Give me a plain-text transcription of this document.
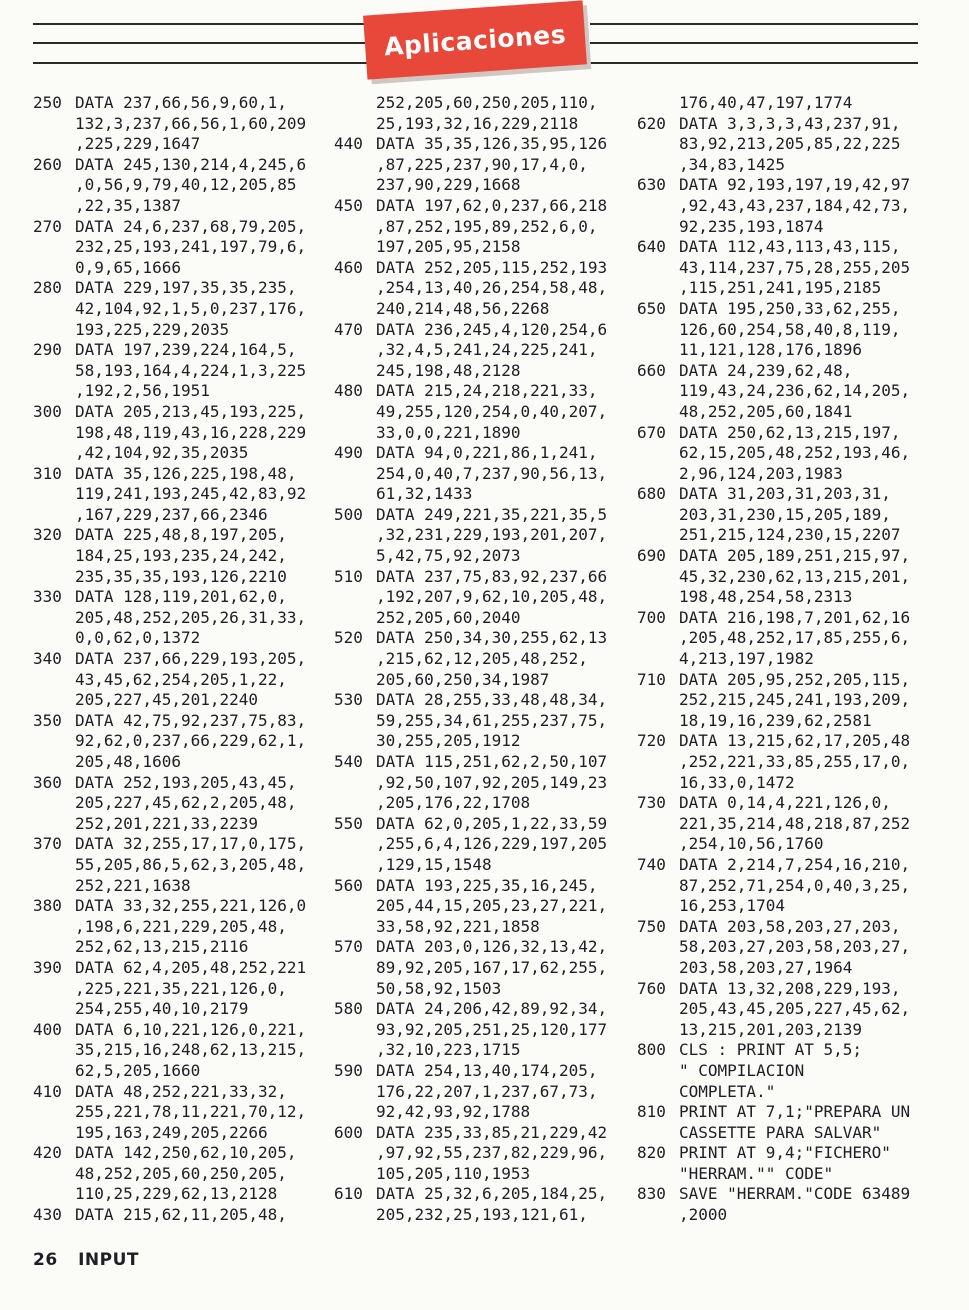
Aplicaciones
250 DATA 237,66,56,9,60,1,
132,3,237,66,56,1,60,209
,225,229,1647
260 DATA 245,130,214,4,245,6
,0,56,9,79,40,12,205,85
,22,35,1387
270 DATA 24,6,237,68,79,205,
232,25,193,241,197,79,6,
0,9,65,1666
280 DATA 229,197,35,35,235,
42,104,92,1,5,0,237,176,
193,225,229,2035
290 DATA 197,239,224,164,5,
58,193,164,4,224,1,3,225
,192,2,56,1951
300 DATA 205,213,45,193,225,
198,48,119,43,16,228,229
,42,104,92,35,2035
310 DATA 35,126,225,198,48,
119,241,193,245,42,83,92
,167,229,237,66,2346
320 DATA 225,48,8,197,205,
184,25,193,235,24,242,
235,35,35,193,126,2210
330 DATA 128,119,201,62,0,
205,48,252,205,26,31,33,
0,0,62,0,1372
340 DATA 237,66,229,193,205,
43,45,62,254,205,1,22,
205,227,45,201,2240
350 DATA 42,75,92,237,75,83,
92,62,0,237,66,229,62,1,
205,48,1606
360 DATA 252,193,205,43,45,
205,227,45,62,2,205,48,
252,201,221,33,2239
370 DATA 32,255,17,17,0,175,
55,205,86,5,62,3,205,48,
252,221,1638
380 DATA 33,32,255,221,126,0
,198,6,221,229,205,48,
252,62,13,215,2116
390 DATA 62,4,205,48,252,221
,225,221,35,221,126,0,
254,255,40,10,2179
400 DATA 6,10,221,126,0,221,
35,215,16,248,62,13,215,
62,5,205,1660
410 DATA 48,252,221,33,32,
255,221,78,11,221,70,12,
195,163,249,205,2266
420 DATA 142,250,62,10,205,
48,252,205,60,250,205,
110,25,229,62,13,2128
430 DATA 215,62,11,205,48,
252,205,60,250,205,110,
25,193,32,16,229,2118
440 DATA 35,35,126,35,95,126
,87,225,237,90,17,4,0,
237,90,229,1668
450 DATA 197,62,0,237,66,218
,87,252,195,89,252,6,0,
197,205,95,2158
460 DATA 252,205,115,252,193
,254,13,40,26,254,58,48,
240,214,48,56,2268
470 DATA 236,245,4,120,254,6
,32,4,5,241,24,225,241,
245,198,48,2128
480 DATA 215,24,218,221,33,
49,255,120,254,0,40,207,
33,0,0,221,1890
490 DATA 94,0,221,86,1,241,
254,0,40,7,237,90,56,13,
61,32,1433
500 DATA 249,221,35,221,35,5
,32,231,229,193,201,207,
5,42,75,92,2073
510 DATA 237,75,83,92,237,66
,192,207,9,62,10,205,48,
252,205,60,2040
520 DATA 250,34,30,255,62,13
,215,62,12,205,48,252,
205,60,250,34,1987
530 DATA 28,255,33,48,48,34,
59,255,34,61,255,237,75,
30,255,205,1912
540 DATA 115,251,62,2,50,107
,92,50,107,92,205,149,23
,205,176,22,1708
550 DATA 62,0,205,1,22,33,59
,255,6,4,126,229,197,205
,129,15,1548
560 DATA 193,225,35,16,245,
205,44,15,205,23,27,221,
33,58,92,221,1858
570 DATA 203,0,126,32,13,42,
89,92,205,167,17,62,255,
50,58,92,1503
580 DATA 24,206,42,89,92,34,
93,92,205,251,25,120,177
,32,10,223,1715
590 DATA 254,13,40,174,205,
176,22,207,1,237,67,73,
92,42,93,92,1788
600 DATA 235,33,85,21,229,42
,97,92,55,237,82,229,96,
105,205,110,1953
610 DATA 25,32,6,205,184,25,
205,232,25,193,121,61,
176,40,47,197,1774
620 DATA 3,3,3,3,43,237,91,
83,92,213,205,85,22,225
,34,83,1425
630 DATA 92,193,197,19,42,97
,92,43,43,237,184,42,73,
92,235,193,1874
640 DATA 112,43,113,43,115,
43,114,237,75,28,255,205
,115,251,241,195,2185
650 DATA 195,250,33,62,255,
126,60,254,58,40,8,119,
11,121,128,176,1896
660 DATA 24,239,62,48,
119,43,24,236,62,14,205,
48,252,205,60,1841
670 DATA 250,62,13,215,197,
62,15,205,48,252,193,46,
2,96,124,203,1983
680 DATA 31,203,31,203,31,
203,31,230,15,205,189,
251,215,124,230,15,2207
690 DATA 205,189,251,215,97,
45,32,230,62,13,215,201,
198,48,254,58,2313
700 DATA 216,198,7,201,62,16
,205,48,252,17,85,255,6,
4,213,197,1982
710 DATA 205,95,252,205,115,
252,215,245,241,193,209,
18,19,16,239,62,2581
720 DATA 13,215,62,17,205,48
,252,221,33,85,255,17,0,
16,33,0,1472
730 DATA 0,14,4,221,126,0,
221,35,214,48,218,87,252
,254,10,56,1760
740 DATA 2,214,7,254,16,210,
87,252,71,254,0,40,3,25,
16,253,1704
750 DATA 203,58,203,27,203,
58,203,27,203,58,203,27,
203,58,203,27,1964
760 DATA 13,32,208,229,193,
205,43,45,205,227,45,62,
13,215,201,203,2139
800 CLS : PRINT AT 5,5;
" COMPILACION
COMPLETA."
810 PRINT AT 7,1;"PREPARA UN
CASSETTE PARA SALVAR"
820 PRINT AT 9,4;"FICHERO"
"HERRAM."" CODE"
830 SAVE "HERRAM."CODE 63489
,2000
26 INPUT
